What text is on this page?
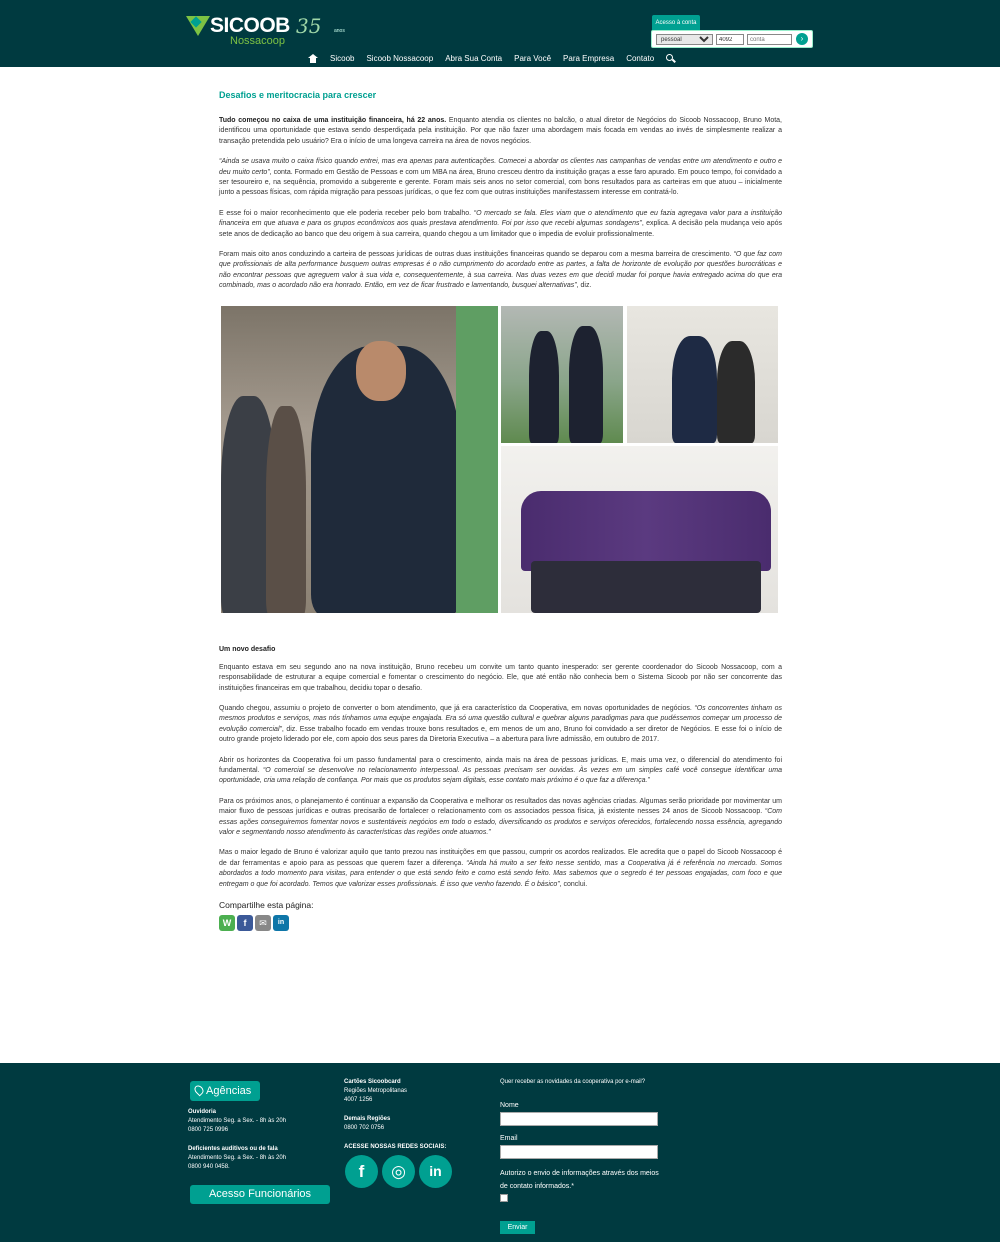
SICOOB
Nossacoop
35	anos
Acesso à conta
pessoal
4092
conta
›
Sicoob Sicoob Nossacoop Abra Sua Conta Para Você Para Empresa Contato
Desafios e meritocracia para crescer

Tudo começou no caixa de uma instituição financeira, há 22 anos. Enquanto atendia os clientes no balcão, o atual diretor de Negócios do Sicoob Nossacoop, Bruno Mota, identificou uma oportunidade que estava sendo desperdiçada pela instituição. Por que não fazer uma abordagem mais focada em vendas ao invés de simplesmente realizar a transação pretendida pelo usuário? Era o início de uma longeva carreira na área de novos negócios.

“Ainda se usava muito o caixa físico quando entrei, mas era apenas para autenticações. Comecei a abordar os clientes nas campanhas de vendas entre um atendimento e outro e deu muito certo”, conta. Formado em Gestão de Pessoas e com um MBA na área, Bruno cresceu dentro da instituição graças a esse faro apurado. Em pouco tempo, foi convidado a ser tesoureiro e, na sequência, promovido a subgerente e gerente. Foram mais seis anos no setor comercial, com bons resultados para as carteiras em que atuou – inicialmente junto a pessoas físicas, com rápida migração para pessoas jurídicas, o que fez com que outras instituições manifestassem interesse em contratá-lo.

E esse foi o maior reconhecimento que ele poderia receber pelo bom trabalho. “O mercado se fala. Eles viam que o atendimento que eu fazia agregava valor para a instituição financeira em que atuava e para os grupos econômicos aos quais prestava atendimento. Foi por isso que recebi algumas sondagens”, explica. A decisão pela mudança veio após sete anos de dedicação ao banco que deu origem à sua carreira, quando chegou a um limitador que o impedia de evoluir profissionalmente.

Foram mais oito anos conduzindo a carteira de pessoas jurídicas de outras duas instituições financeiras quando se deparou com a mesma barreira de crescimento. “O que faz com que profissionais de alta performance busquem outras empresas é o não cumprimento do acordado entre as partes, a falta de horizonte de evolução por questões burocráticas e não encontrar pessoas que agreguem valor à sua vida e, consequentemente, à sua carreira. Nas duas vezes em que decidi mudar foi porque havia entregado acima do que era combinado, mas o acordado não era honrado. Então, em vez de ficar frustrado e lamentando, busquei alternativas”, diz.

Um novo desafio

Enquanto estava em seu segundo ano na nova instituição, Bruno recebeu um convite um tanto quanto inesperado: ser gerente coordenador do Sicoob Nossacoop, com a responsabilidade de estruturar a equipe comercial e fomentar o crescimento do negócio. Ele, que até então não conhecia bem o Sistema Sicoob por não ser concorrente das instituições financeiras em que trabalhou, decidiu topar o desafio.

Quando chegou, assumiu o projeto de converter o bom atendimento, que já era característico da Cooperativa, em novas oportunidades de negócios. “Os concorrentes tinham os mesmos produtos e serviços, mas nós tínhamos uma equipe engajada. Era só uma questão cultural e quebrar alguns paradigmas para que pudéssemos começar um processo de evolução comercial”, diz. Esse trabalho focado em vendas trouxe bons resultados e, em menos de um ano, Bruno foi convidado a ser diretor de Negócios. E esse foi o início de outro grande projeto liderado por ele, com apoio dos seus pares da Diretoria Executiva – a abertura para livre admissão, em outubro de 2017.

Abrir os horizontes da Cooperativa foi um passo fundamental para o crescimento, ainda mais na área de pessoas jurídicas. E, mais uma vez, o diferencial do atendimento foi fundamental. “O comercial se desenvolve no relacionamento interpessoal. As pessoas precisam ser ouvidas. Às vezes em um simples café você consegue identificar uma oportunidade, cria uma relação de confiança. Por mais que os produtos sejam digitais, esse contato mais próximo é o que faz a diferença.”

Para os próximos anos, o planejamento é continuar a expansão da Cooperativa e melhorar os resultados das novas agências criadas. Algumas serão prioridade por movimentar um maior fluxo de pessoas jurídicas e outras precisarão de fortalecer o relacionamento com os associados pessoa física, já existente nesses 24 anos de Sicoob Nossacoop. “Com essas ações conseguiremos fomentar novos e sustentáveis negócios em todo o estado, diversificando os produtos e serviços oferecidos, fortalecendo nossa essência, agregando valor e segmentando nosso atendimento às características das regiões onde atuamos.”

Mas o maior legado de Bruno é valorizar aquilo que tanto prezou nas instituições em que passou, cumprir os acordos realizados. Ele acredita que o papel do Sicoob Nossacoop é de dar ferramentas e apoio para as pessoas que querem fazer a diferença. “Ainda há muito a ser feito nesse sentido, mas a Cooperativa já é referência no mercado. Somos abordados a todo momento para visitas, para entender o que está sendo feito e como está sendo feito. Mas sabemos que o segredo é ter pessoas engajadas, com foco e que entregam o que foi acordado. Temos que valorizar esses profissionais. É isso que venho fazendo. É o básico”, conclui.

Compartilhe esta página:
W	f	✉	in
Agências
Ouvidoria
Atendimento Seg. a Sex. - 8h às 20h
0800 725 0996
Deficientes auditivos ou de fala
Atendimento Seg. a Sex. - 8h às 20h
0800 940 0458.
Acesso Funcionários
Cartões Sicoobcard
Regiões Metropolitanas
4007 1256
Demais Regiões
0800 702 0756
ACESSE NOSSAS REDES SOCIAIS:
f	◎	in
Quer receber as novidades da cooperativa por e-mail?
Nome
Email
Autorizo o envio de informações através dos meios de contato informados.*
Enviar
